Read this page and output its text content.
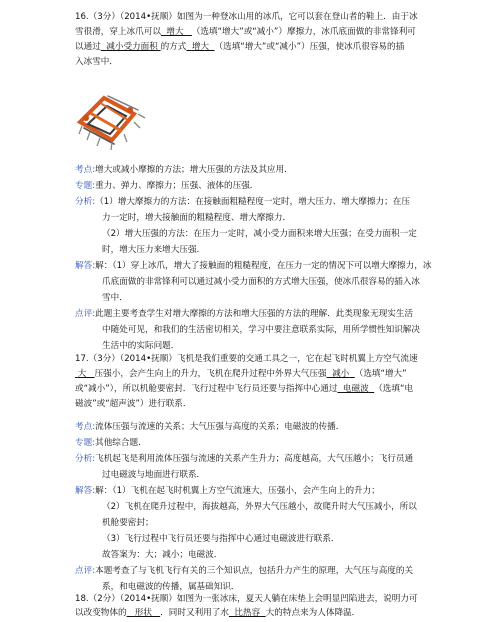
16.（3分）（2014•抚顺）如图为一种登冰山用的冰爪，它可以套在登山者的鞋上．由于冰
雪很滑，穿上冰爪可以 增大 （选填“增大”或“减小”）摩擦力，冰爪底面做的非常锋利可
以通过 减小受力面积 的方式 增大 （选填“增大”或“减小”）压强，使冰爪很容易的插
入冰雪中．
考点:增大或减小摩擦的方法；增大压强的方法及其应用．
专题:重力、弹力、摩擦力；压强、液体的压强．
分析:（1）增大摩擦力的方法：在接触面粗糙程度一定时，增大压力、增大摩擦力；在压
力一定时，增大接触面的粗糙程度、增大摩擦力．
（2）增大压强的方法：在压力一定时，减小受力面积来增大压强；在受力面积一定
时，增大压力来增大压强．
解答:解：（1）穿上冰爪，增大了接触面的粗糙程度，在压力一定的情况下可以增大摩擦力，冰
爪底面做的非常锋利可以通过减小受力面积的方式增大压强，使冰爪很容易的插入冰
雪中．
点评:此题主要考查学生对增大摩擦的方法和增大压强的方法的理解．此类现象无现实生活
中随处可见，和我们的生活密切相关，学习中要注意联系实际，用所学惯性知识解决
生活中的实际问题．
17.（3分）（2014•抚顺）飞机是我们重要的交通工具之一，它在起飞时机翼上方空气流速
大 压强小，会产生向上的升力，飞机在爬升过程中外界大气压强 减小 （选填“增大”
或“减小”），所以机舱要密封．飞行过程中飞行员还要与指挥中心通过 电磁波 （选填“电
磁波”或“超声波”）进行联系．
考点:流体压强与流速的关系；大气压强与高度的关系；电磁波的传播．
专题:其他综合题．
分析:飞机起飞是利用流体压强与流速的关系产生升力；高度越高，大气压越小；飞行员通
过电磁波与地面进行联系．
解答:解：（1）飞机在起飞时机翼上方空气流速大，压强小，会产生向上的升力；
（2）飞机在爬升过程中，海拔越高，外界大气压越小，故爬升时大气压减小，所以
机舱要密封；
（3）飞行过程中飞行员还要与指挥中心通过电磁波进行联系．
故答案为：大；减小；电磁波．
点评:本题考查了与飞机飞行有关的三个知识点，包括升力产生的原理，大气压与高度的关
系，和电磁波的传播，属基础知识．
18.（2分）（2014•抚顺）如图为一张冰床，夏天人躺在床垫上会明显凹陷进去，说明力可
以改变物体的 形状 ．同时又利用了水 比热容 大的特点来为人体降温．
